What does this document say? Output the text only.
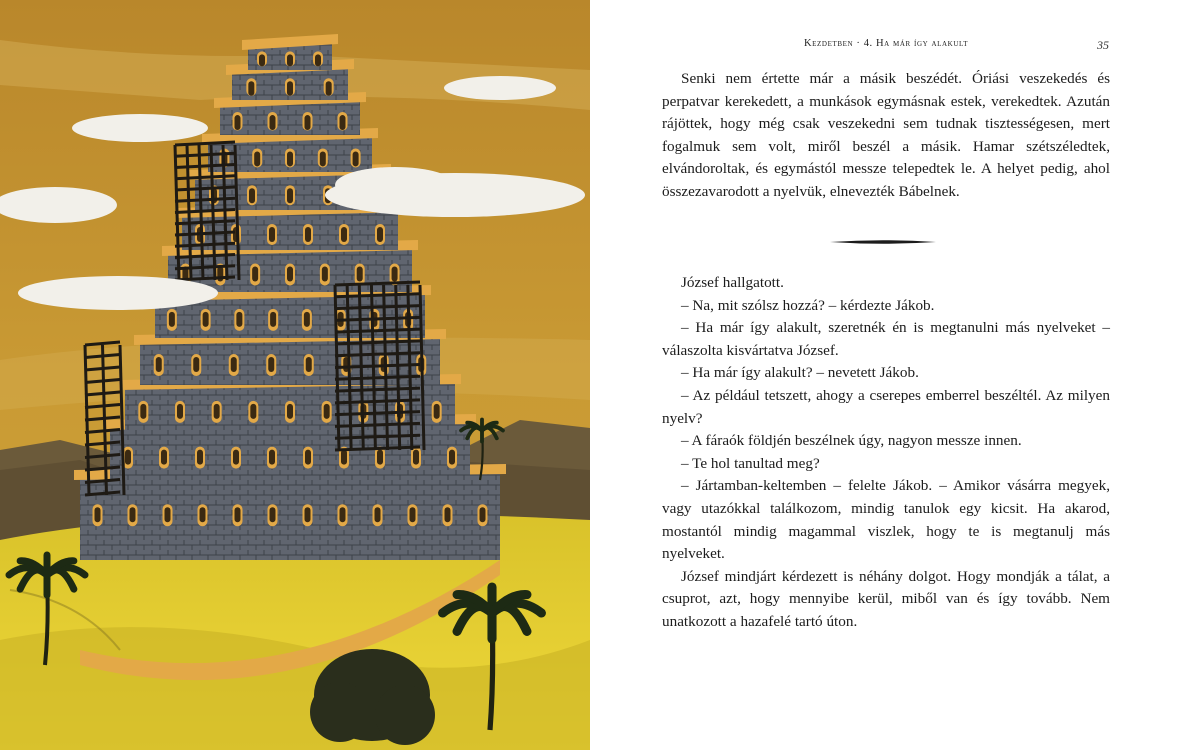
Kezdetben · 4. Ha már így alakult	35

Senki nem értette már a másik beszédét. Óriási veszekedés és perpatvar kerekedett, a munkások egymásnak estek, verekedtek. Azután rájöttek, hogy még csak veszekedni sem tudnak tisztességesen, mert fogalmuk sem volt, miről beszél a másik. Hamar szétszéledtek, elvándoroltak, és egymástól messze telepedtek le. A helyet pedig, ahol összezavarodott a nyelvük, elnevezték Bábelnek.

József hallgatott.

– Na, mit szólsz hozzá? – kérdezte Jákob.

– Ha már így alakult, szeretnék én is megtanulni más nyelveket – válaszolta kisvártatva József.

– Ha már így alakult? – nevetett Jákob.

– Az például tetszett, ahogy a cserepes emberrel beszéltél. Az milyen nyelv?

– A fáraók földjén beszélnek úgy, nagyon messze innen.

– Te hol tanultad meg?

– Jártamban-keltemben – felelte Jákob. – Amikor vásárra megyek, vagy utazókkal találkozom, mindig tanulok egy kicsit. Ha akarod, mostantól mindig magammal viszlek, hogy te is megtanulj más nyelveket.

József mindjárt kérdezett is néhány dolgot. Hogy mondják a tálat, a csuprot, azt, hogy mennyibe kerül, miből van és így tovább. Nem unatkozott a hazafelé tartó úton.
